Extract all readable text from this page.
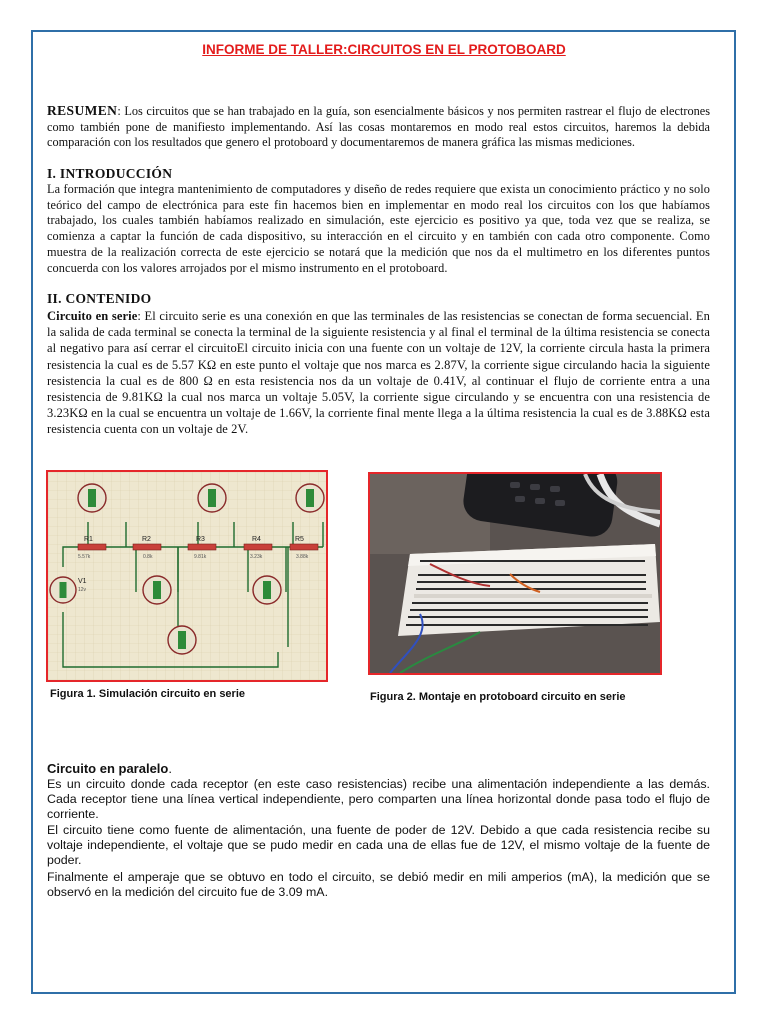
INFORME DE TALLER:CIRCUITOS EN EL PROTOBOARD

RESUMEN: Los circuitos que se han trabajado en la guía, son esencialmente básicos y nos permiten rastrear el flujo de electrones como también pone de manifiesto implementando. Así las cosas montaremos en modo real estos circuitos, haremos la debida comparación con los resultados que genero el protoboard y documentaremos de manera gráfica las mismas mediciones.

I. INTRODUCCIÓN

La formación que integra mantenimiento de computadores y diseño de redes requiere que exista un conocimiento práctico y no solo teórico del campo de electrónica para este fin hacemos bien en implementar en modo real los circuitos con los que habíamos trabajado, los cuales también habíamos realizado en simulación, este ejercicio es positivo ya que, toda vez que se realiza, se comienza a captar la función de cada dispositivo, su interacción en el circuito y en también con cada otro componente. Como muestra de la realización correcta de este ejercicio se notará que la medición que nos da el multimetro en los diferentes puntos concuerda con los valores arrojados por el mismo instrumento en el protoboard.

II. CONTENIDO

Circuito en serie: El circuito serie es una conexión en que las terminales de las resistencias se conectan de forma secuencial. En la salida de cada terminal se conecta la terminal de la siguiente resistencia y al final el terminal de la última resistencia se conecta al negativo para así cerrar el circuitoEl circuito inicia con una fuente con un voltaje de 12V, la corriente circula hasta la primera resistencia la cual es de 5.57 KΩ en este punto el voltaje que nos marca es 2.87V, la corriente sigue circulando hacia la siguiente resistencia la cual es de 800 Ω en esta resistencia nos da un voltaje de 0.41V, al continuar el flujo de corriente entra a una resistencia de 9.81KΩ la cual nos marca un voltaje 5.05V, la corriente sigue circulando y se encuentra con una resistencia de 3.23KΩ en la cual se encuentra un voltaje de 1.66V, la corriente final mente llega a la última resistencia la cual es de 3.88KΩ esta resistencia cuenta con un voltaje de 2V.

R1	R2	R3	R4	R5
5.57k	0.8k	9.81k	3.23k	3.88k
V1
12v
Figura 1. Simulación circuito en serie	Figura 2. Montaje en protoboard circuito en serie
Circuito en paralelo.

Es un circuito donde cada receptor (en este caso resistencias) recibe una alimentación independiente a las demás. Cada receptor tiene una línea vertical independiente, pero comparten una línea horizontal donde pasa todo el flujo de corriente.

El circuito tiene como fuente de alimentación, una fuente de poder de 12V. Debido a que cada resistencia recibe su voltaje independiente, el voltaje que se pudo medir en cada una de ellas fue de 12V, el mismo voltaje de la fuente de poder.

Finalmente el amperaje que se obtuvo en todo el circuito, se debió medir en mili amperios (mA), la medición que se observó en la medición del circuito fue de 3.09 mA.
